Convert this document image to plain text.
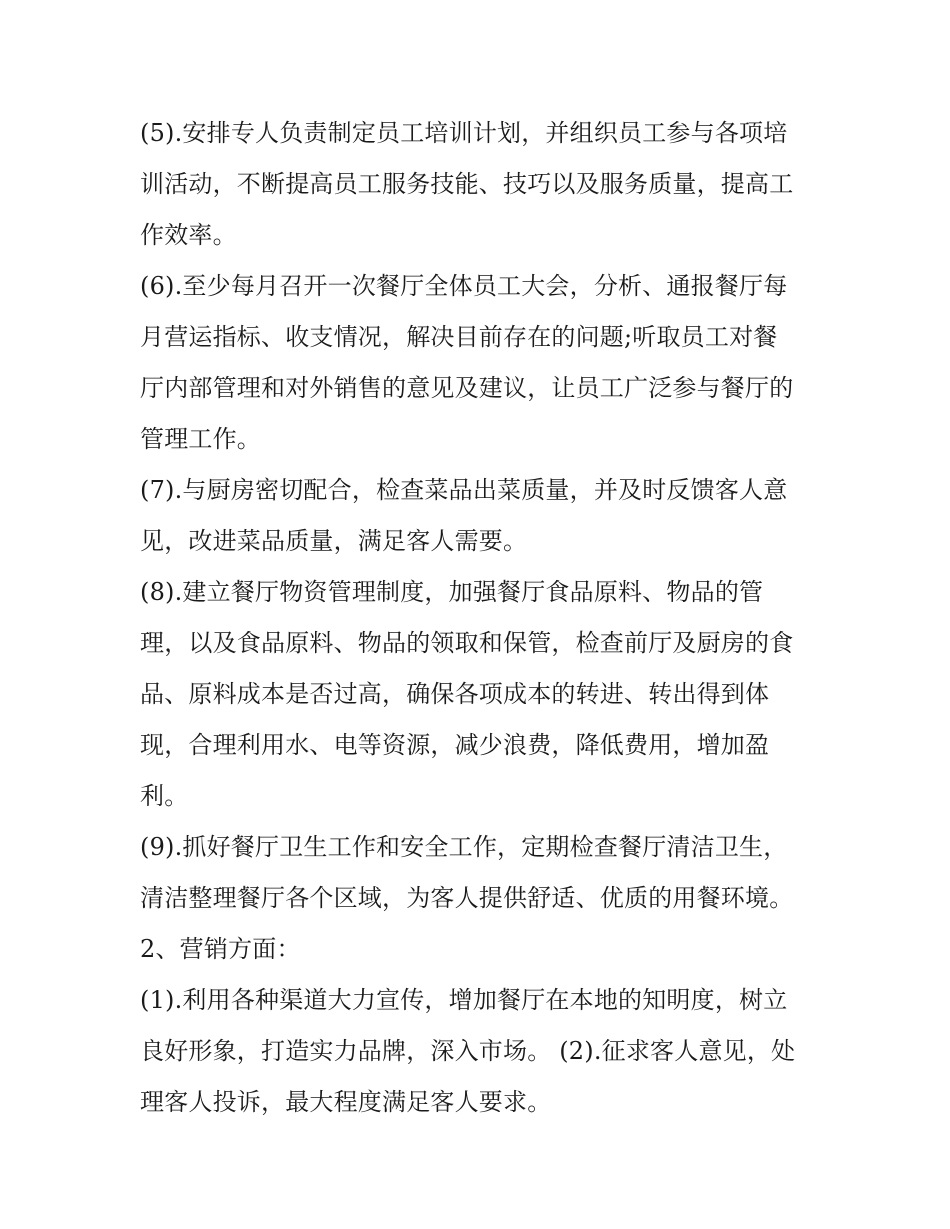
(5).安排专人负责制定员工培训计划，并组织员工参与各项培
训活动，不断提高员工服务技能、技巧以及服务质量，提高工
作效率。
(6).至少每月召开一次餐厅全体员工大会，分析、通报餐厅每
月营运指标、收支情况，解决目前存在的问题;听取员工对餐
厅内部管理和对外销售的意见及建议，让员工广泛参与餐厅的
管理工作。
(7).与厨房密切配合，检查菜品出菜质量，并及时反馈客人意
见，改进菜品质量，满足客人需要。
(8).建立餐厅物资管理制度，加强餐厅食品原料、物品的管
理，以及食品原料、物品的领取和保管，检查前厅及厨房的食
品、原料成本是否过高，确保各项成本的转进、转出得到体
现，合理利用水、电等资源，减少浪费，降低费用，增加盈
利。
(9).抓好餐厅卫生工作和安全工作，定期检查餐厅清洁卫生，
清洁整理餐厅各个区域，为客人提供舒适、优质的用餐环境。
2、营销方面：
(1).利用各种渠道大力宣传，增加餐厅在本地的知明度，树立
良好形象，打造实力品牌，深入市场。 (2).征求客人意见，处
理客人投诉，最大程度满足客人要求。
